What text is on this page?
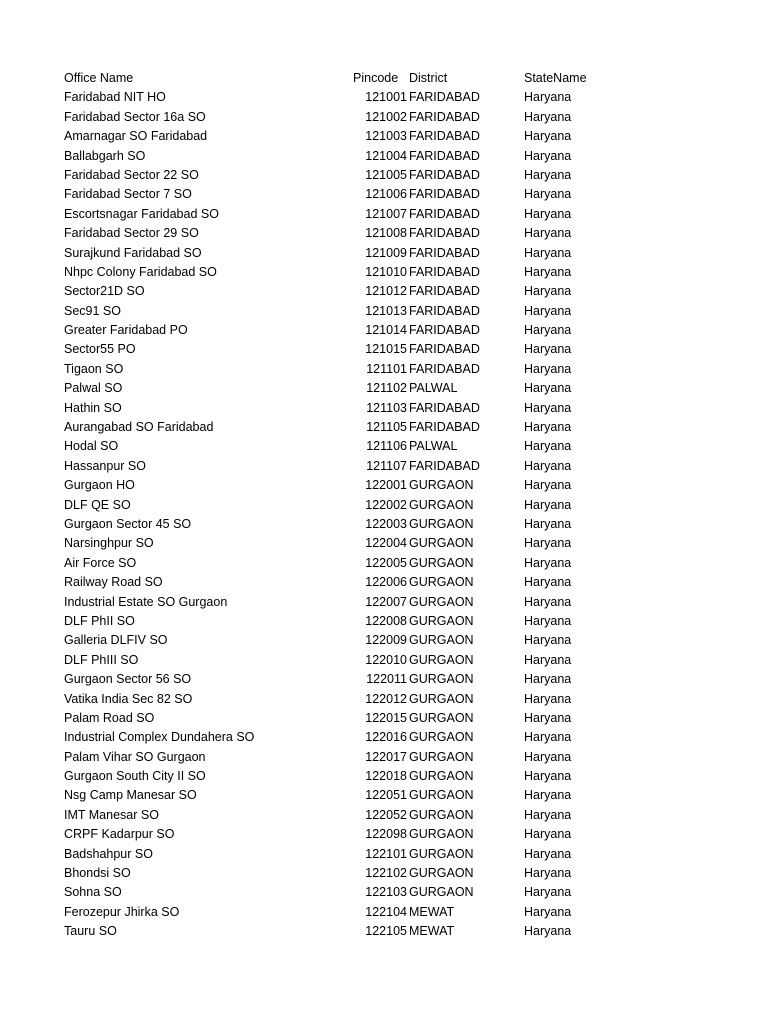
Office Name	Pincode District	StateName
Faridabad NIT HO	121001 FARIDABAD	Haryana
Faridabad Sector 16a SO	121002 FARIDABAD	Haryana
Amarnagar SO Faridabad	121003 FARIDABAD	Haryana
Ballabgarh SO	121004 FARIDABAD	Haryana
Faridabad Sector 22 SO	121005 FARIDABAD	Haryana
Faridabad Sector 7 SO	121006 FARIDABAD	Haryana
Escortsnagar Faridabad SO	121007 FARIDABAD	Haryana
Faridabad Sector 29 SO	121008 FARIDABAD	Haryana
Surajkund Faridabad SO	121009 FARIDABAD	Haryana
Nhpc Colony Faridabad SO	121010 FARIDABAD	Haryana
Sector21D SO	121012 FARIDABAD	Haryana
Sec91 SO	121013 FARIDABAD	Haryana
Greater Faridabad PO	121014 FARIDABAD	Haryana
Sector55 PO	121015 FARIDABAD	Haryana
Tigaon SO	121101 FARIDABAD	Haryana
Palwal SO	121102 PALWAL	Haryana
Hathin SO	121103 FARIDABAD	Haryana
Aurangabad SO Faridabad	121105 FARIDABAD	Haryana
Hodal SO	121106 PALWAL	Haryana
Hassanpur SO	121107 FARIDABAD	Haryana
Gurgaon HO	122001 GURGAON	Haryana
DLF QE SO	122002 GURGAON	Haryana
Gurgaon Sector 45 SO	122003 GURGAON	Haryana
Narsinghpur SO	122004 GURGAON	Haryana
Air Force SO	122005 GURGAON	Haryana
Railway Road SO	122006 GURGAON	Haryana
Industrial Estate SO Gurgaon	122007 GURGAON	Haryana
DLF PhII SO	122008 GURGAON	Haryana
Galleria DLFIV SO	122009 GURGAON	Haryana
DLF PhIII SO	122010 GURGAON	Haryana
Gurgaon Sector 56 SO	122011 GURGAON	Haryana
Vatika India Sec 82 SO	122012 GURGAON	Haryana
Palam Road SO	122015 GURGAON	Haryana
Industrial Complex Dundahera SO	122016 GURGAON	Haryana
Palam Vihar SO Gurgaon	122017 GURGAON	Haryana
Gurgaon South City II SO	122018 GURGAON	Haryana
Nsg Camp Manesar SO	122051 GURGAON	Haryana
IMT Manesar SO	122052 GURGAON	Haryana
CRPF Kadarpur SO	122098 GURGAON	Haryana
Badshahpur SO	122101 GURGAON	Haryana
Bhondsi SO	122102 GURGAON	Haryana
Sohna SO	122103 GURGAON	Haryana
Ferozepur Jhirka SO	122104 MEWAT	Haryana
Tauru SO	122105 MEWAT	Haryana
